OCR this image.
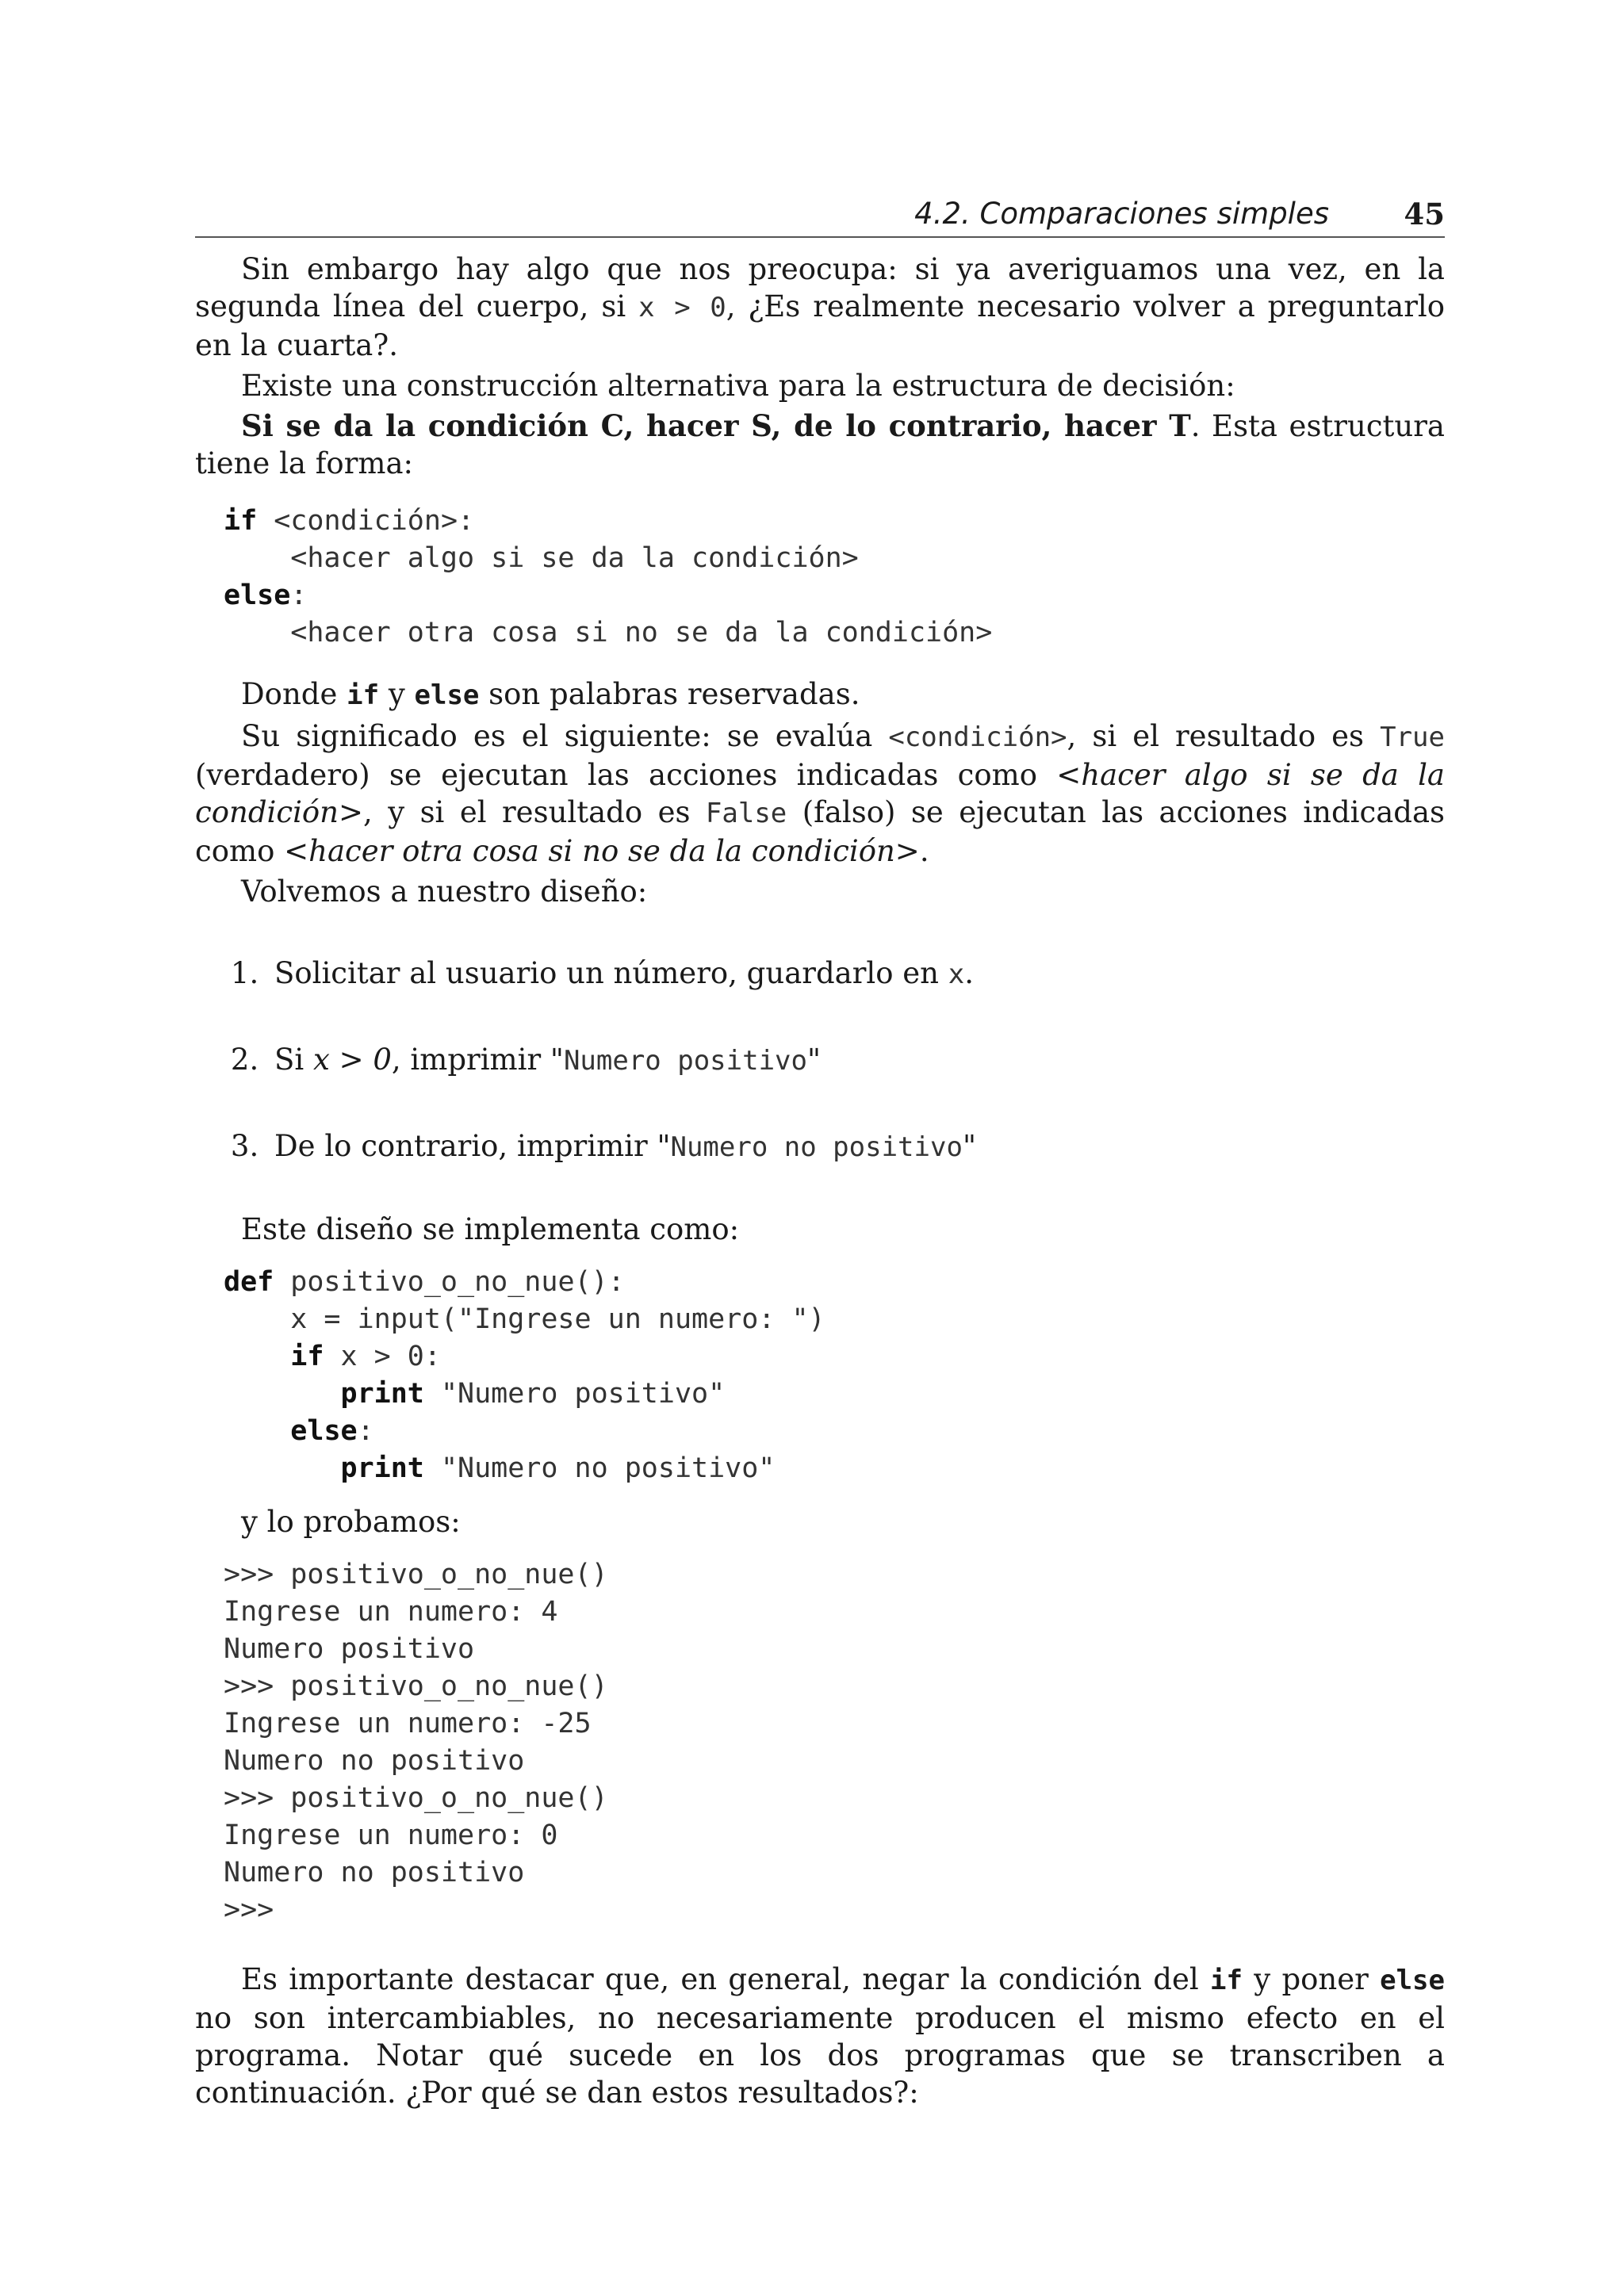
4.2. Comparaciones simples	45

Sin embargo hay algo que nos preocupa: si ya averiguamos una vez, en la segunda línea del cuerpo, si x > 0, ¿Es realmente necesario volver a preguntarlo en la cuarta?.

Existe una construcción alternativa para la estructura de decisión:

Si se da la condición C, hacer S, de lo contrario, hacer T. Esta estructura tiene la forma:

if <condición>:
<hacer algo si se da la condición>
else:
<hacer otra cosa si no se da la condición>

Donde if y else son palabras reservadas.

Su significado es el siguiente: se evalúa <condición>, si el resultado es True (verdadero) se ejecutan las acciones indicadas como <hacer algo si se da la condición>, y si el resultado es False (falso) se ejecutan las acciones indicadas como <hacer otra cosa si no se da la condición>.

Volvemos a nuestro diseño:

1. Solicitar al usuario un número, guardarlo en x.
2. Si x > 0, imprimir "Numero positivo"
3. De lo contrario, imprimir "Numero no positivo"

Este diseño se implementa como:

def positivo_o_no_nue():
x = input("Ingrese un numero: ")
if x > 0:
print "Numero positivo"
else:
print "Numero no positivo"

y lo probamos:

>>> positivo_o_no_nue()
Ingrese un numero: 4
Numero positivo
>>> positivo_o_no_nue()
Ingrese un numero: -25
Numero no positivo
>>> positivo_o_no_nue()
Ingrese un numero: 0
Numero no positivo
>>>

Es importante destacar que, en general, negar la condición del if y poner else no son intercambiables, no necesariamente producen el mismo efecto en el programa. Notar qué sucede en los dos programas que se transcriben a continuación. ¿Por qué se dan estos resultados?:
